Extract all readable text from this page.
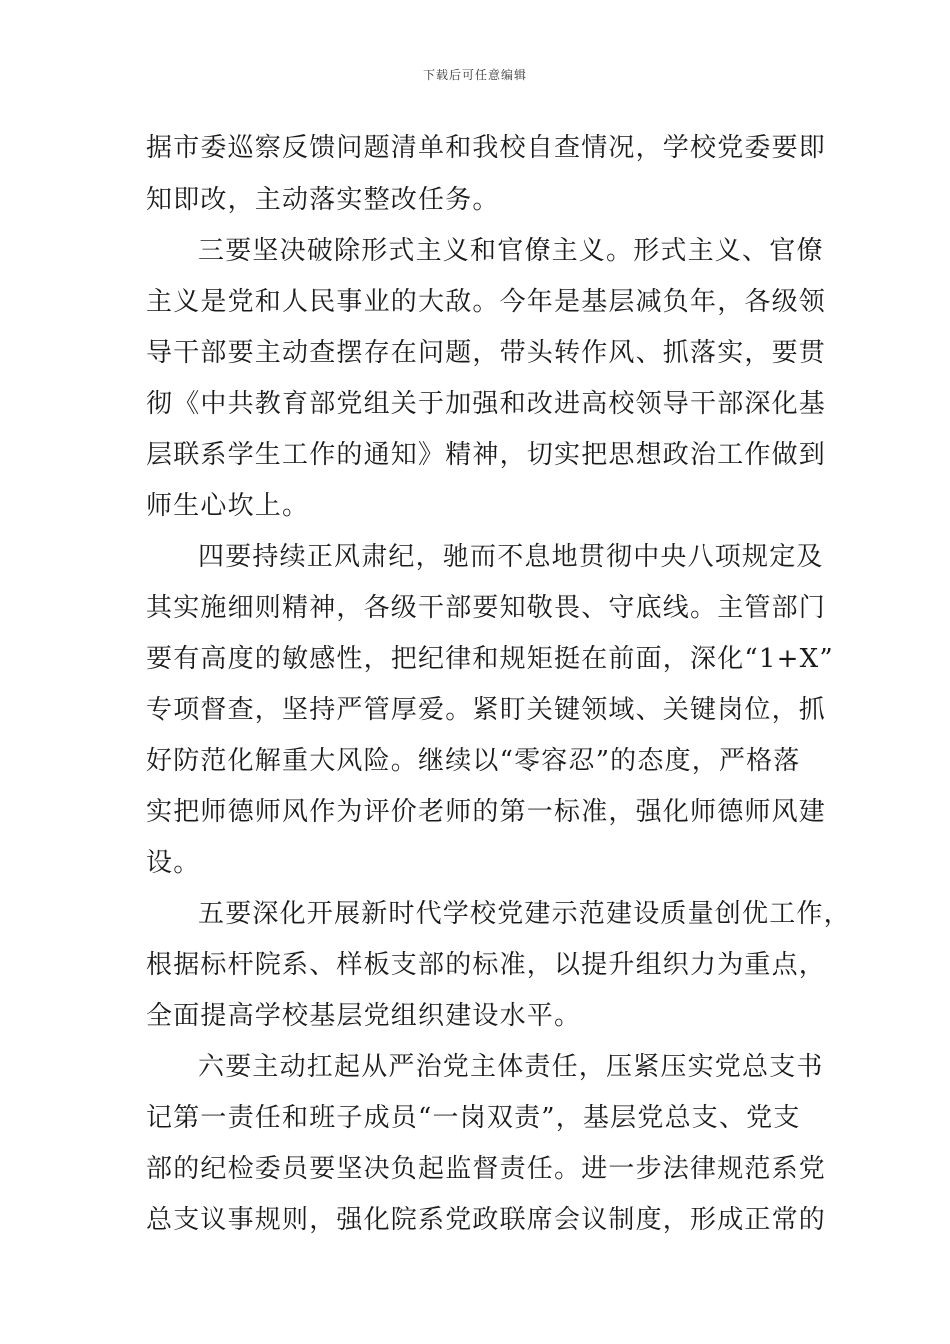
下载后可任意编辑
据市委巡察反馈问题清单和我校自查情况，学校党委要即
知即改，主动落实整改任务。
三要坚决破除形式主义和官僚主义。形式主义、官僚
主义是党和人民事业的大敌。今年是基层减负年，各级领
导干部要主动查摆存在问题，带头转作风、抓落实，要贯
彻《中共教育部党组关于加强和改进高校领导干部深化基
层联系学生工作的通知》精神，切实把思想政治工作做到
师生心坎上。
四要持续正风肃纪，驰而不息地贯彻中央八项规定及
其实施细则精神，各级干部要知敬畏、守底线。主管部门
要有高度的敏感性，把纪律和规矩挺在前面，深化“1+X”
专项督查，坚持严管厚爱。紧盯关键领域、关键岗位，抓
好防范化解重大风险。继续以“零容忍”的态度，严格落
实把师德师风作为评价老师的第一标准，强化师德师风建
设。
五要深化开展新时代学校党建示范建设质量创优工作，
根据标杆院系、样板支部的标准，以提升组织力为重点，
全面提高学校基层党组织建设水平。
六要主动扛起从严治党主体责任，压紧压实党总支书
记第一责任和班子成员“一岗双责”，基层党总支、党支
部的纪检委员要坚决负起监督责任。进一步法律规范系党
总支议事规则，强化院系党政联席会议制度，形成正常的
